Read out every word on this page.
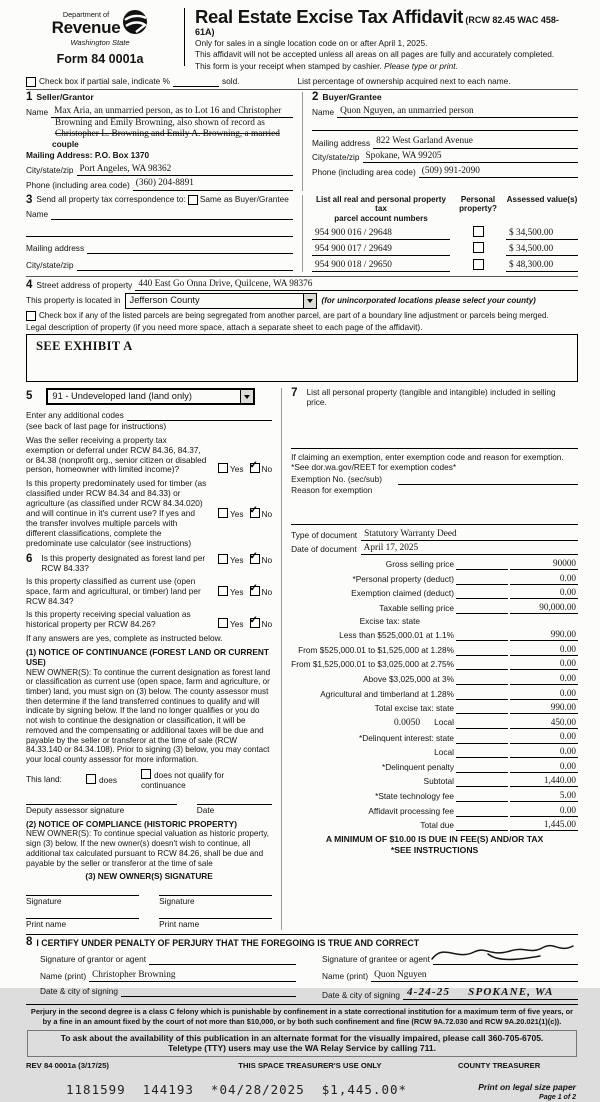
Department of
Revenue
Washington State
Form 84 0001a
Real Estate Excise Tax Affidavit (RCW 82.45 WAC 458-61A)
Only for sales in a single location code on or after April 1, 2025.
This affidavit will not be accepted unless all areas on all pages are fully and accurately completed.
This form is your receipt when stamped by cashier. Please type or print.
Check box if partial sale, indicate %	sold.	List percentage of ownership acquired next to each name.
1 Seller/Grantor
Name Max Aria, an unmarried person, as to Lot 16 and Christopher
Browning and Emily Browning, also shown of record as
Christopher L. Browning and Emily A. Browning, a married
couple
Mailing Address: P.O. Box 1370
City/state/zip Port Angeles, WA 98362
Phone (including area code) (360) 204-8891
2 Buyer/Grantee
Name Quon Nguyen, an unmarried person
Mailing address 822 West Garland Avenue
City/state/zip Spokane, WA 99205
Phone (including area code) (509) 991-2090
3 Send all property tax correspondence to: Same as Buyer/Grantee
Name
Mailing address
City/state/zip
List all real and personal property tax
parcel account numbers
Personal property?
Assessed value(s)
954 900 016 / 29648	$ 34,500.00
954 900 017 / 29649	$ 34,500.00
954 900 018 / 29650	$ 48,300.00
4 Street address of property 440 East Go Onna Drive, Quilcene, WA 98376
This property is located in Jefferson County	(for unincorporated locations please select your county)
Check box if any of the listed parcels are being segregated from another parcel, are part of a boundary line adjustment or parcels being merged.
Legal description of property (if you need more space, attach a separate sheet to each page of the affidavit).
SEE EXHIBIT A
5	91 - Undeveloped land (land only)
Enter any additional codes
(see back of last page for instructions)
Was the seller receiving a property tax exemption or deferral under RCW 84.36, 84.37, or 84.38 (nonprofit org., senior citizen or disabled person, homeowner with limited income)?	Yes ✓ No
Is this property predominately used for timber (as classified under RCW 84.34 and 84.33) or agriculture (as classified under RCW 84.34.020) and will continue in it's current use? If yes and the transfer involves multiple parcels with different classifications, complete the predominate use calculator (see instructions)
Yes ✓ No
6 Is this property designated as forest land per RCW 84.33?
Yes ✓ No
Is this property classified as current use (open space, farm and agricultural, or timber) land per RCW 84.34?
Yes ✓ No
Is this property receiving special valuation as historical property per RCW 84.26?	Yes ✓ No
If any answers are yes, complete as instructed below.
(1) NOTICE OF CONTINUANCE (FOREST LAND OR CURRENT USE)
NEW OWNER(S): To continue the current designation as forest land or classification as current use (open space, farm and agriculture, or timber) land, you must sign on (3) below. The county assessor must then determine if the land transferred continues to qualify and will indicate by signing below. If the land no longer qualifies or you do not wish to continue the designation or classification, it will be removed and the compensating or additional taxes will be due and payable by the seller or transferor at the time of sale (RCW 84.33.140 or 84.34.108). Prior to signing (3) below, you may contact your local county assessor for more information.
This land:	does	does not qualify for continuance
Deputy assessor signature	Date
(2) NOTICE OF COMPLIANCE (HISTORIC PROPERTY)
NEW OWNER(S): To continue special valuation as historic property, sign (3) below. If the new owner(s) doesn't wish to continue, all additional tax calculated pursuant to RCW 84.26, shall be due and payable by the seller or transferor at the time of sale
(3) NEW OWNER(S) SIGNATURE
Signature	Signature
Print name	Print name
7 List all personal property (tangible and intangible) included in selling price.
If claiming an exemption, enter exemption code and reason for exemption. *See dor.wa.gov/REET for exemption codes*
Exemption No. (sec/sub)
Reason for exemption
Type of document Statutory Warranty Deed
Date of document April 17, 2025
Gross selling price	90000
*Personal property (deduct)	0.00
Exemption claimed (deduct)	0.00
Taxable selling price	90,000.00
Excise tax: state
Less than $525,000.01 at 1.1%	990.00
From $525,000.01 to $1,525,000 at 1.28%	0.00
From $1,525,000.01 to $3,025,000 at 2.75%	0.00
Above $3,025,000 at 3%	0.00
Agricultural and timberland at 1.28%	0.00
Total excise tax: state	990.00
0.0050 Local	450.00
*Delinquent interest: state	0.00
Local	0.00
*Delinquent penalty	0.00
Subtotal	1,440.00
*State technology fee	5.00
Affidavit processing fee	0.00
Total due	1,445.00
A MINIMUM OF $10.00 IS DUE IN FEE(S) AND/OR TAX
*SEE INSTRUCTIONS
8 I CERTIFY UNDER PENALTY OF PERJURY THAT THE FOREGOING IS TRUE AND CORRECT
Signature of grantor or agent
Name (print) Christopher Browning
Date & city of signing
Signature of grantee or agent
Name (print) Quon Nguyen
Date & city of signing 4-24-25 SPOKANE, WA
Perjury in the second degree is a class C felony which is punishable by confinement in a state correctional institution for a maximum term of five years, or by a fine in an amount fixed by the court of not more than $10,000, or by both such confinement and fine (RCW 9A.72.030 and RCW 9A.20.021(1)(c)).
To ask about the availability of this publication in an alternate format for the visually impaired, please call 360-705-6705. Teletype (TTY) users may use the WA Relay Service by calling 711.
REV 84 0001a (3/17/25)	THIS SPACE TREASURER'S USE ONLY	COUNTY TREASURER
1181599  144193  *04/28/2025  $1,445.00*	Print on legal size paper
Page 1 of 2
